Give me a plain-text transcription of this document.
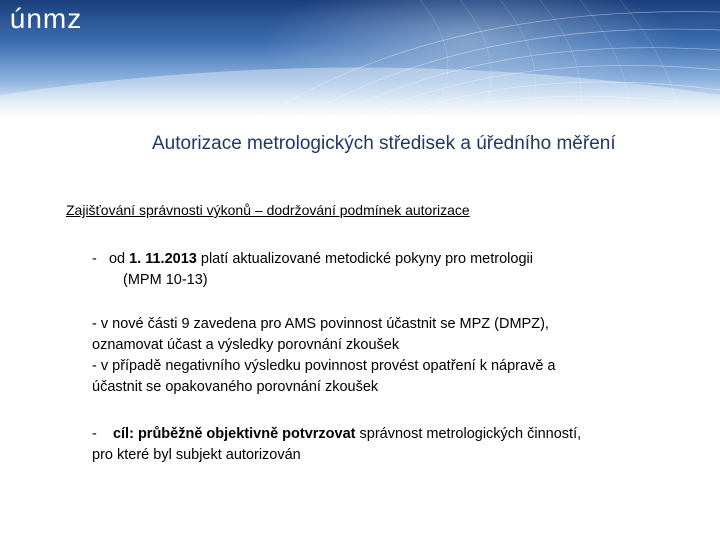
únmz
Autorizace metrologických středisek a úředního měření
Zajišťování správnosti výkonů – dodržování podmínek autorizace
- od 1. 11.2013 platí aktualizované metodické pokyny pro metrologii
(MPM 10-13)
- v nové části 9 zavedena pro AMS povinnost účastnit se MPZ (DMPZ),
oznamovat účast a výsledky porovnání zkoušek
- v případě negativního výsledku povinnost provést opatření k nápravě a
účastnit se opakovaného porovnání zkoušek
- cíl: průběžně objektivně potvrzovat správnost metrologických činností,
pro které byl subjekt autorizován
